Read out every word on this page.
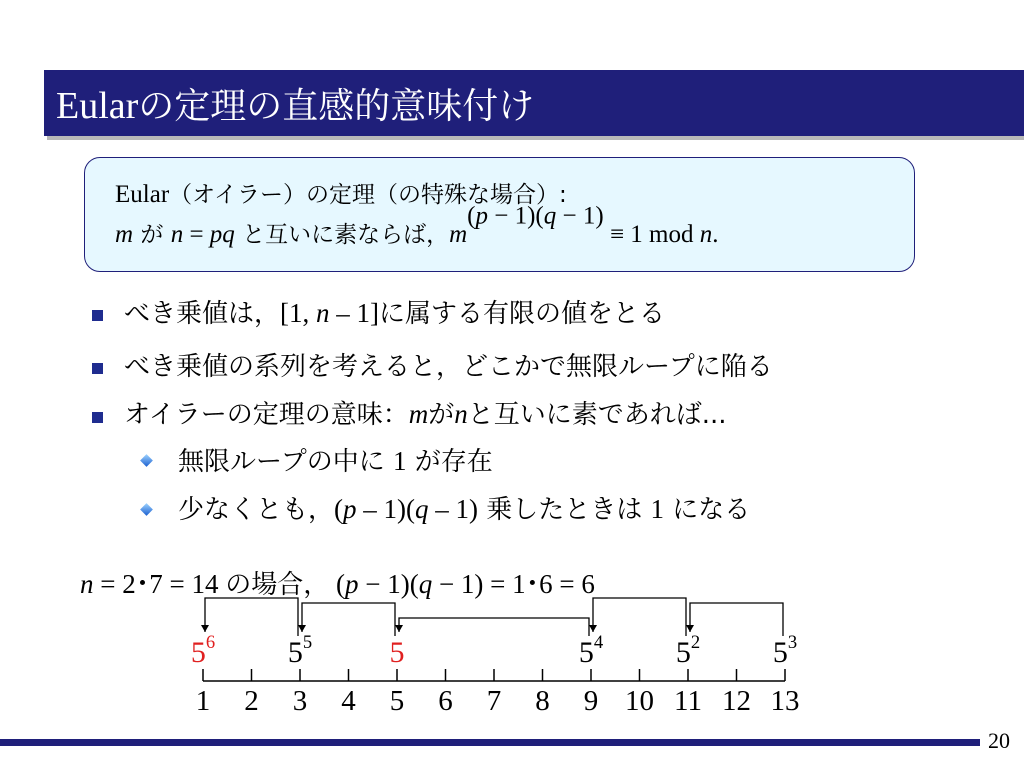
Eularの定理の直感的意味付け
Eular（オイラー）の定理（の特殊な場合）:
m が n = pq と互いに素ならば，$m^{(p - 1)(q - 1)} \equiv 1$ mod n.
べき乗値は，[1, n – 1]に属する有限の値をとる
べき乗値の系列を考えると，どこかで無限ループに陥る
オイラーの定理の意味：mがnと互いに素であれば...
無限ループの中に 1 が存在
少なくとも，(p – 1)(q – 1) 乗したときは 1 になる
n = 2･7 = 14 の場合， (p − 1)(q − 1) = 1･6 = 6
$5^6$ $5^5$	5	$5^4$ $5^2$ $5^3$
1 2 3 4 5 6 7 8 9 10 11 12 13
20
